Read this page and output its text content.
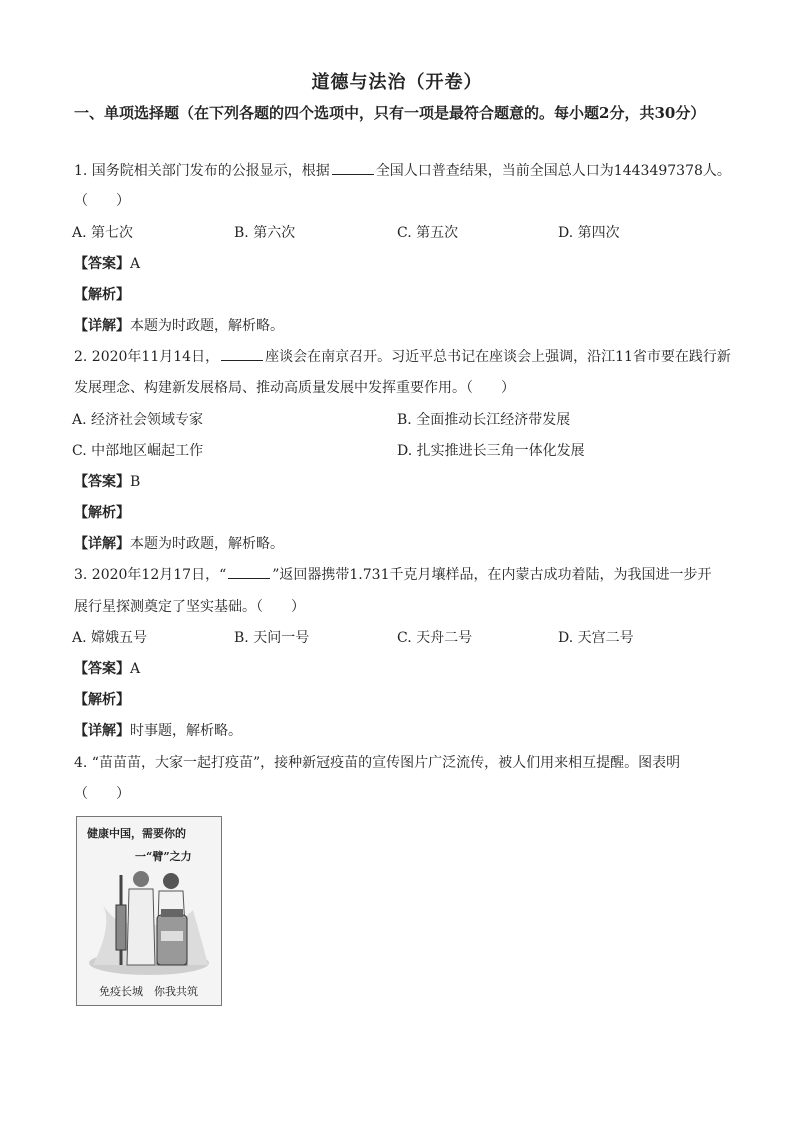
道德与法治（开卷）
一、单项选择题（在下列各题的四个选项中，只有一项是最符合题意的。每小题2分，共30分）
1. 国务院相关部门发布的公报显示，根据	全国人口普查结果，当前全国总人口为1443497378人。
（　　）
A. 第七次	B. 第六次	C. 第五次	D. 第四次
【答案】A
【解析】
【详解】本题为时政题，解析略。
2. 2020年11月14日，	座谈会在南京召开。习近平总书记在座谈会上强调，沿江11省市要在践行新
发展理念、构建新发展格局、推动高质量发展中发挥重要作用。（　　）
A. 经济社会领域专家	B. 全面推动长江经济带发展
C. 中部地区崛起工作	D. 扎实推进长三角一体化发展
【答案】B
【解析】
【详解】本题为时政题，解析略。
3. 2020年12月17日，“	”返回器携带1.731千克月壤样品，在内蒙古成功着陆，为我国进一步开
展行星探测奠定了坚实基础。（　　）
A. 嫦娥五号	B. 天问一号	C. 天舟二号	D. 天宫二号
【答案】A
【解析】
【详解】时事题，解析略。
4. “苗苗苗，大家一起打疫苗”，接种新冠疫苗的宣传图片广泛流传，被人们用来相互提醒。图表明
（　　）
健康中国，需要你的
一“臂”之力
免疫长城　你我共筑
